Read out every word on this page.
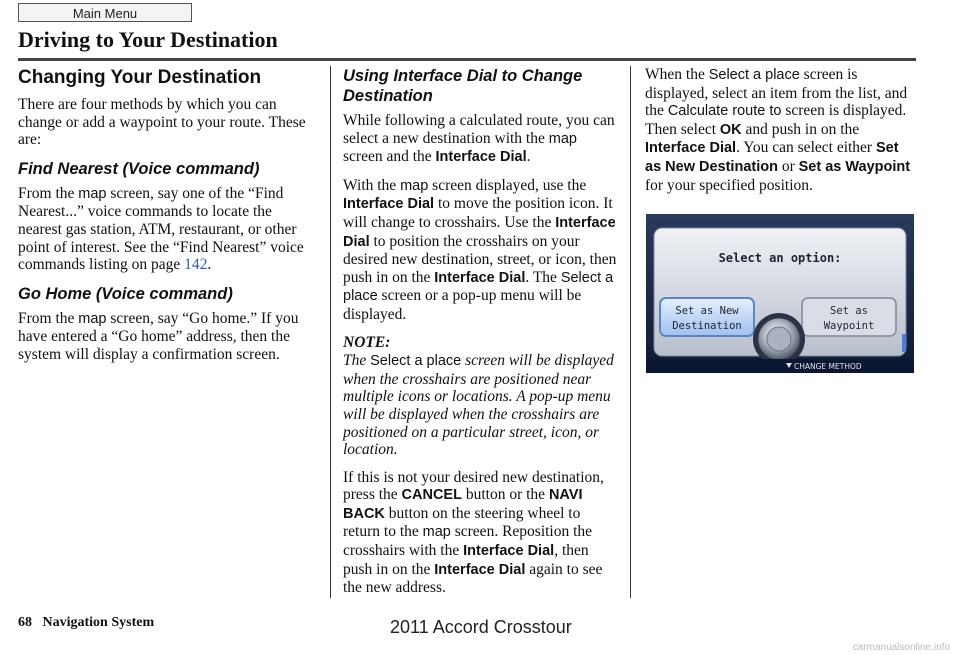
Main Menu
Driving to Your Destination
Changing Your Destination

There are four methods by which you can change or add a waypoint to your route. These are:

Find Nearest (Voice command)

From the map screen, say one of the “Find Nearest...” voice commands to locate the nearest gas station, ATM, restaurant, or other point of interest. See the “Find Nearest” voice commands listing on page 142.

Go Home (Voice command)

From the map screen, say “Go home.” If you have entered a “Go home” address, then the system will display a confirmation screen.

Using Interface Dial to Change Destination

While following a calculated route, you can select a new destination with the map screen and the Interface Dial.

With the map screen displayed, use the Interface Dial to move the position icon. It will change to crosshairs. Use the Interface Dial to position the crosshairs on your desired new destination, street, or icon, then push in on the Interface Dial. The Select a place screen or a pop-up menu will be displayed.

NOTE:

The Select a place screen will be displayed when the crosshairs are positioned near multiple icons or locations. A pop-up menu will be displayed when the crosshairs are positioned on a particular street, icon, or location.

If this is not your desired new destination, press the CANCEL button or the NAVI BACK button on the steering wheel to return to the map screen. Reposition the crosshairs with the Interface Dial, then push in on the Interface Dial again to see the new address.

When the Select a place screen is displayed, select an item from the list, and the Calculate route to screen is displayed. Then select OK and push in on the Interface Dial. You can select either Set as New Destination or Set as Waypoint for your specified position.

Select an option:
Set as New
Destination
Set as
Waypoint
CHANGE METHOD
68 Navigation System	2011 Accord Crosstour
carmanualsonline.info
